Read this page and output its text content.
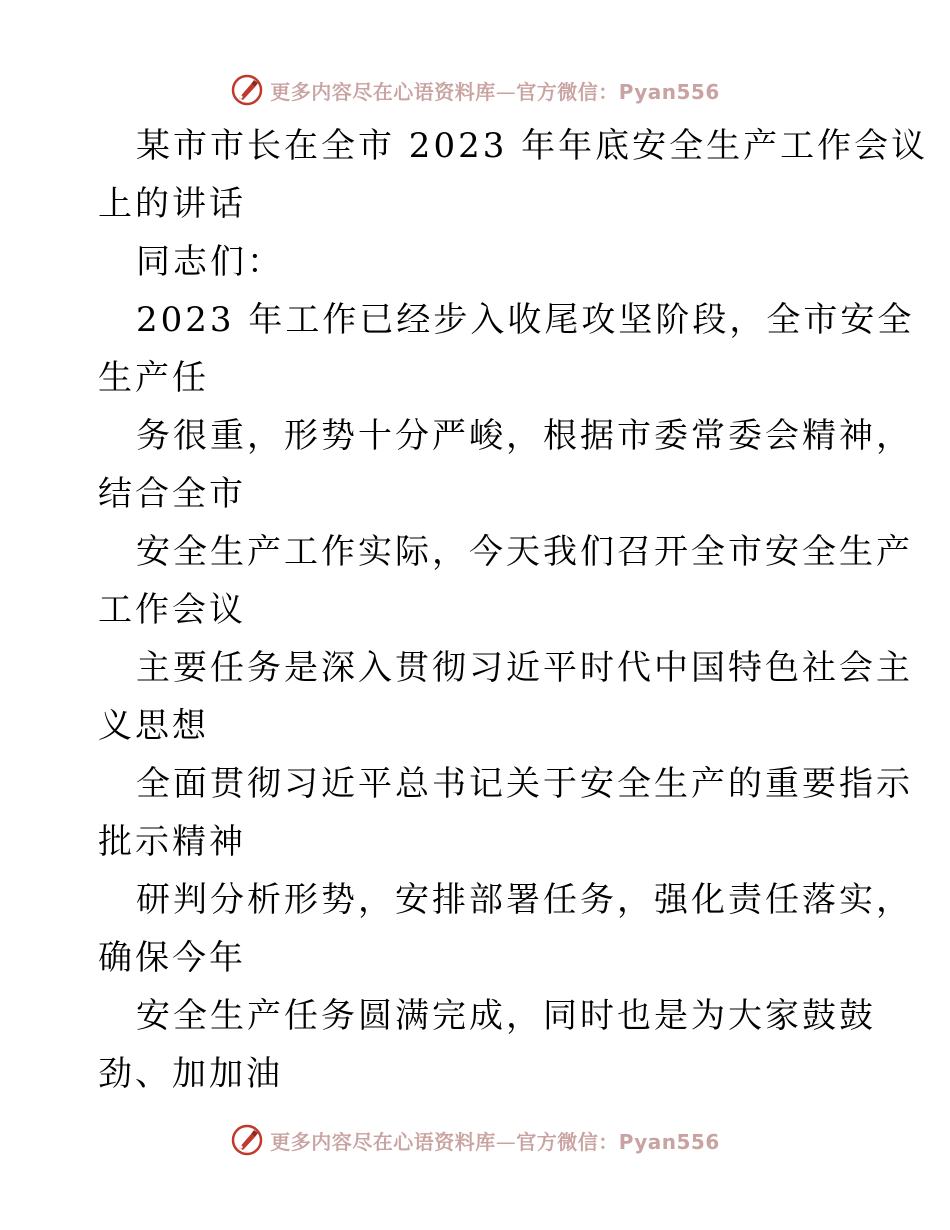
更多内容尽在心语资料库—官方微信：Pyan556

某市市长在全市 2023 年年底安全生产工作会议

上的讲话

同志们：

2023 年工作已经步入收尾攻坚阶段，全市安全

生产任

务很重，形势十分严峻，根据市委常委会精神，

结合全市

安全生产工作实际，今天我们召开全市安全生产

工作会议

主要任务是深入贯彻习近平时代中国特色社会主

义思想

全面贯彻习近平总书记关于安全生产的重要指示

批示精神

研判分析形势，安排部署任务，强化责任落实，

确保今年

安全生产任务圆满完成，同时也是为大家鼓鼓

劲、加加油

更多内容尽在心语资料库—官方微信：Pyan556
